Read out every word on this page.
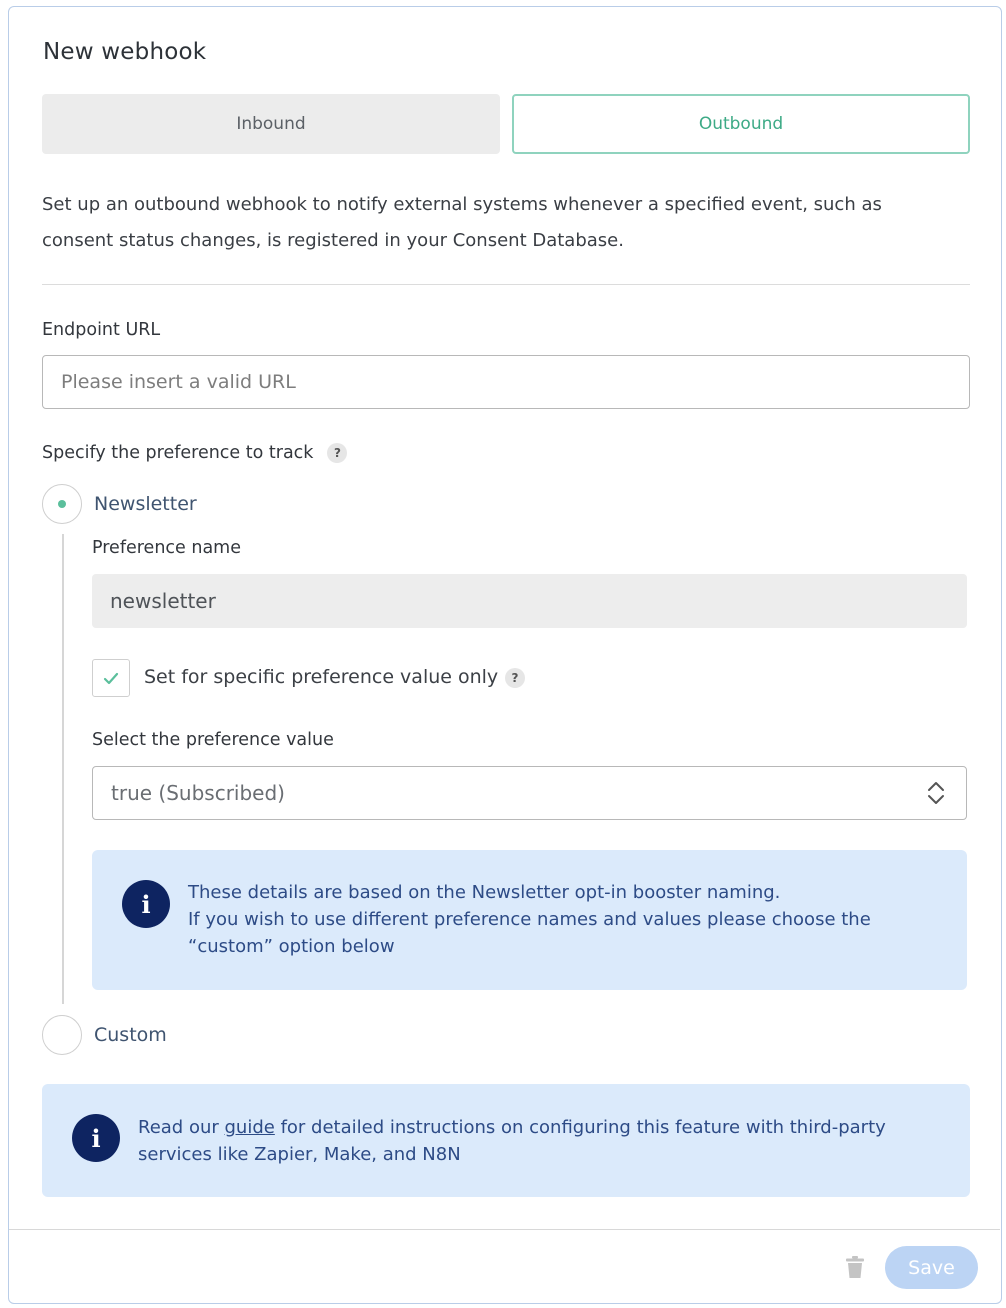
New webhook
Inbound	Outbound
Set up an outbound webhook to notify external systems whenever a specified event, such as
consent status changes, is registered in your Consent Database.
Endpoint URL
Please insert a valid URL
Specify the preference to track	?
Newsletter
Preference name
newsletter
Set for specific preference value only	?
Select the preference value
true (Subscribed)
i	These details are based on the Newsletter opt-in booster naming.
If you wish to use different preference names and values please choose the
“custom” option below
Custom
i	Read our guide for detailed instructions on configuring this feature with third-party
services like Zapier, Make, and N8N
Save
